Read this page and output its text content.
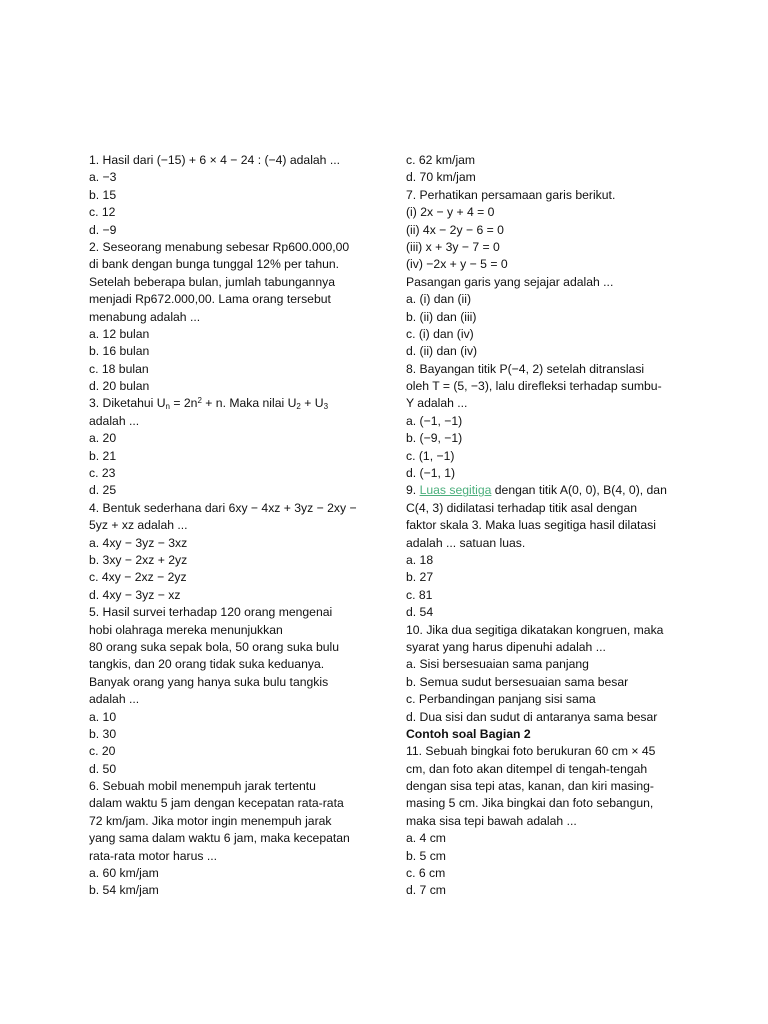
1. Hasil dari (−15) + 6 × 4 − 24 : (−4) adalah ...
a. −3
b. 15
c. 12
d. −9
2. Seseorang menabung sebesar Rp600.000,00
di bank dengan bunga tunggal 12% per tahun.
Setelah beberapa bulan, jumlah tabungannya
menjadi Rp672.000,00. Lama orang tersebut
menabung adalah ...
a. 12 bulan
b. 16 bulan
c. 18 bulan
d. 20 bulan
3. Diketahui $U_n = 2n^2 + n$. Maka nilai $U_2 + U_3$
adalah ...
a. 20
b. 21
c. 23
d. 25
4. Bentuk sederhana dari 6xy − 4xz + 3yz − 2xy −
5yz + xz adalah ...
a. 4xy − 3yz − 3xz
b. 3xy − 2xz + 2yz
c. 4xy − 2xz − 2yz
d. 4xy − 3yz − xz
5. Hasil survei terhadap 120 orang mengenai
hobi olahraga mereka menunjukkan
80 orang suka sepak bola, 50 orang suka bulu
tangkis, dan 20 orang tidak suka keduanya.
Banyak orang yang hanya suka bulu tangkis
adalah ...
a. 10
b. 30
c. 20
d. 50
6. Sebuah mobil menempuh jarak tertentu
dalam waktu 5 jam dengan kecepatan rata-rata
72 km/jam. Jika motor ingin menempuh jarak
yang sama dalam waktu 6 jam, maka kecepatan
rata-rata motor harus ...
a. 60 km/jam
b. 54 km/jam
c. 62 km/jam
d. 70 km/jam
7. Perhatikan persamaan garis berikut.
(i) 2x − y + 4 = 0
(ii) 4x − 2y − 6 = 0
(iii) x + 3y − 7 = 0
(iv) −2x + y − 5 = 0
Pasangan garis yang sejajar adalah ...
a. (i) dan (ii)
b. (ii) dan (iii)
c. (i) dan (iv)
d. (ii) dan (iv)
8. Bayangan titik P(−4, 2) setelah ditranslasi
oleh T = (5, −3), lalu direfleksi terhadap sumbu-
Y adalah ...
a. (−1, −1)
b. (−9, −1)
c. (1, −1)
d. (−1, 1)
9. Luas segitiga dengan titik A(0, 0), B(4, 0), dan
C(4, 3) didilatasi terhadap titik asal dengan
faktor skala 3. Maka luas segitiga hasil dilatasi
adalah ... satuan luas.
a. 18
b. 27
c. 81
d. 54
10. Jika dua segitiga dikatakan kongruen, maka
syarat yang harus dipenuhi adalah ...
a. Sisi bersesuaian sama panjang
b. Semua sudut bersesuaian sama besar
c. Perbandingan panjang sisi sama
d. Dua sisi dan sudut di antaranya sama besar
Contoh soal Bagian 2
11. Sebuah bingkai foto berukuran 60 cm × 45
cm, dan foto akan ditempel di tengah-tengah
dengan sisa tepi atas, kanan, dan kiri masing-
masing 5 cm. Jika bingkai dan foto sebangun,
maka sisa tepi bawah adalah ...
a. 4 cm
b. 5 cm
c. 6 cm
d. 7 cm
